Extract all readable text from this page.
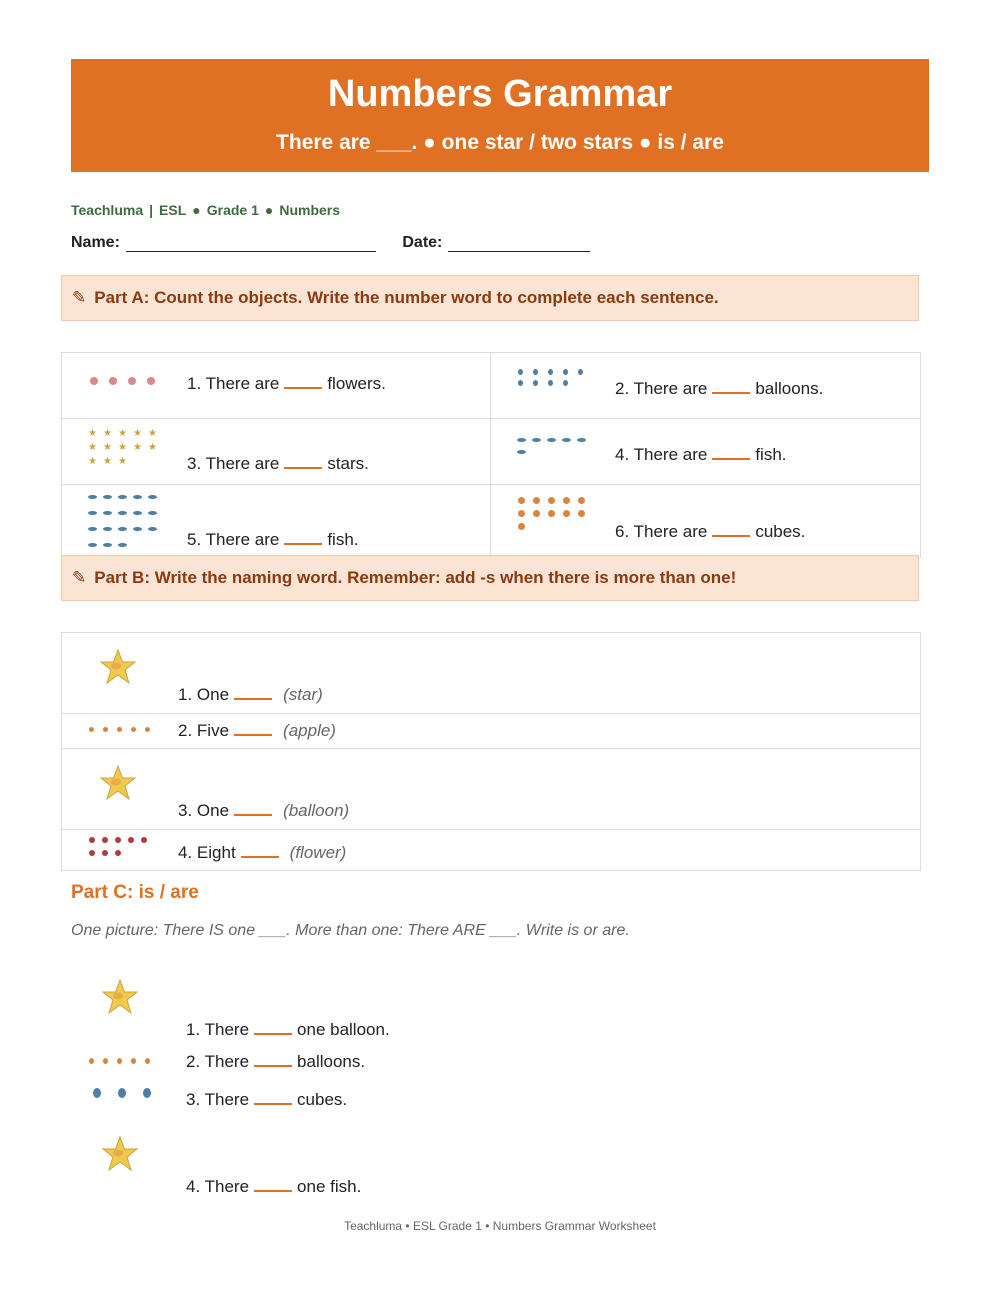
Numbers Grammar
There are ___. ● one star / two stars ● is / are
Teachluma | ESL ● Grade 1 ● Numbers
Name:	Date:
✎ Part A: Count the objects. Write the number word to complete each sentence.
1. There are	flowers.	2. There are	balloons.
★ ★ ★ ★ ★
★ ★ ★ ★ ★
★ ★ ★	3. There are	stars.	4. There are	fish.
5. There are	fish.	6. There are	cubes.
✎ Part B: Write the naming word. Remember: add -s when there is more than one!
1. One	(star)
2. Five	(apple)
3. One	(balloon)
4. Eight	(flower)
Part C: is / are
One picture: There IS one ___. More than one: There ARE ___. Write is or are.
1. There	one balloon.
2. There	balloons.
3. There	cubes.
4. There	one fish.
Teachluma • ESL Grade 1 • Numbers Grammar Worksheet
